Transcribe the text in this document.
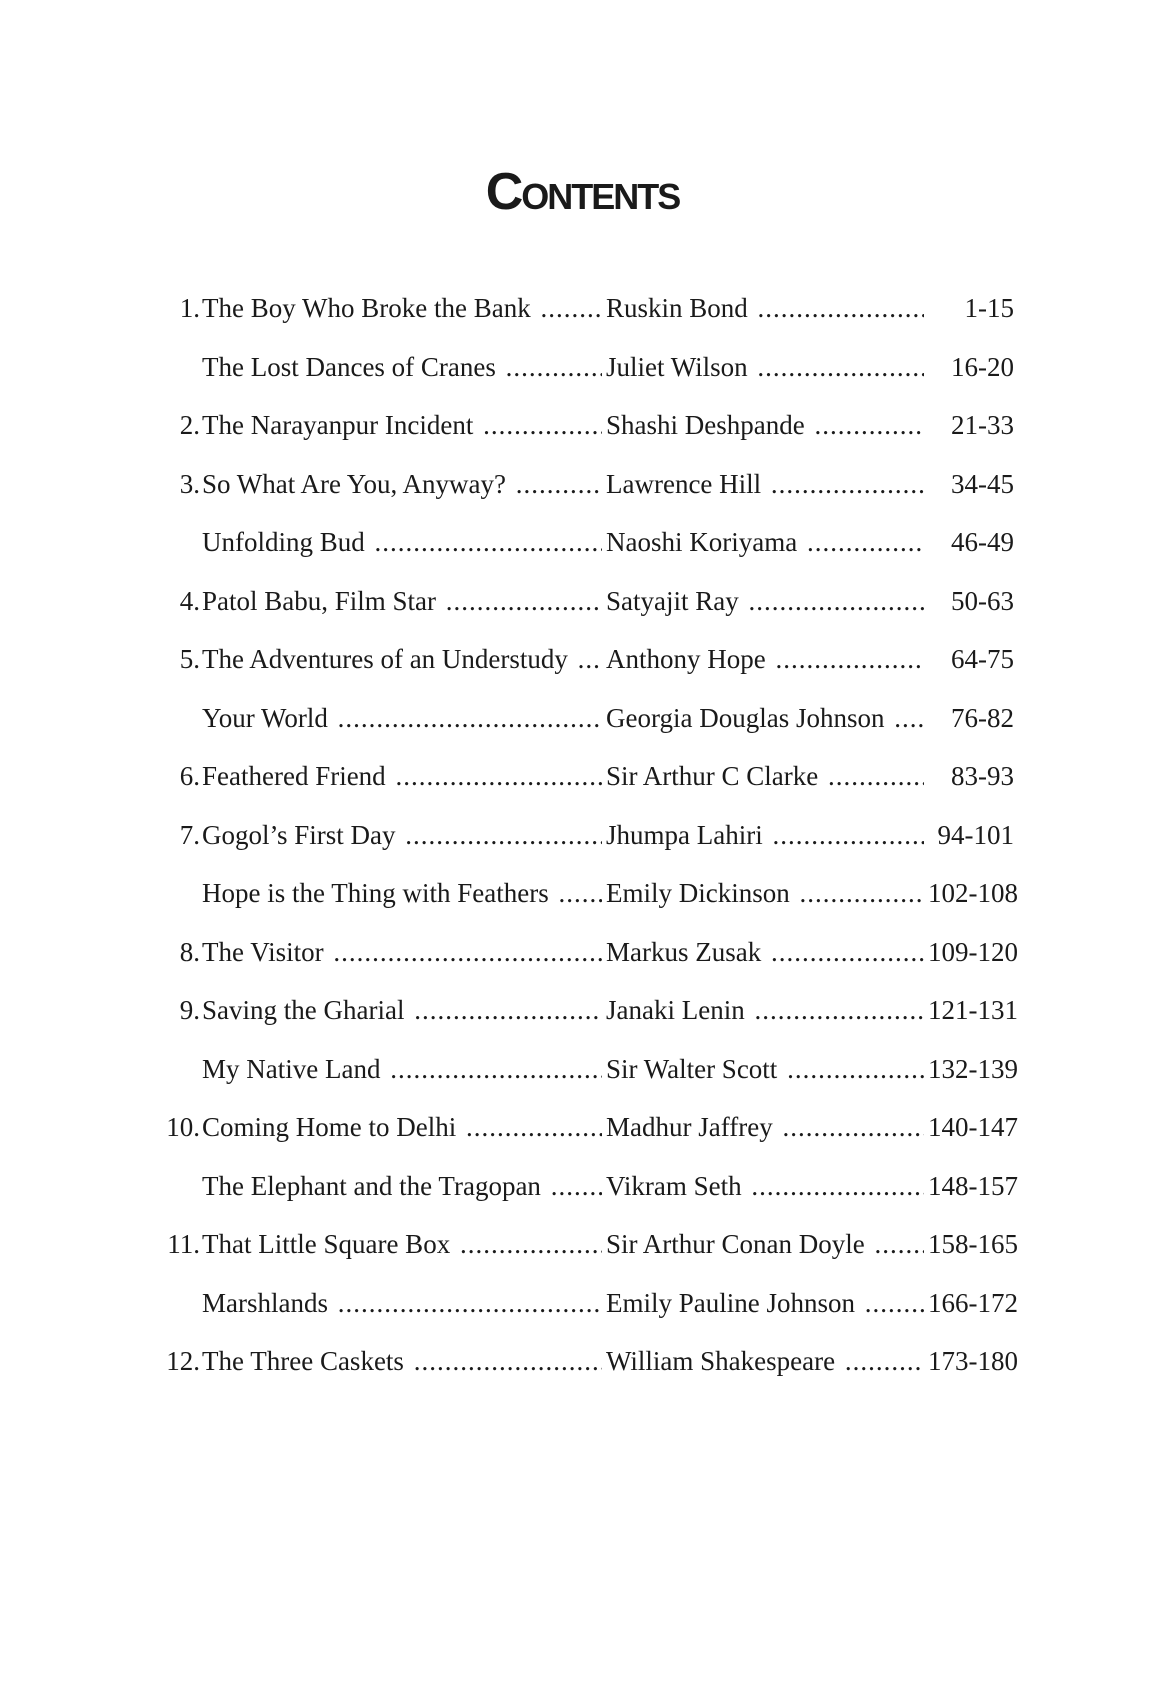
Contents
1. The Boy Who Broke the Bank .....	Ruskin Bond .....	1-15
The Lost Dances of Cranes .....	Juliet Wilson .....	16-20
2. The Narayanpur Incident .....	Shashi Deshpande .....	21-33
3. So What Are You, Anyway? .....	Lawrence Hill .....	34-45
Unfolding Bud .....	Naoshi Koriyama .....	46-49
4. Patol Babu, Film Star .....	Satyajit Ray .....	50-63
5. The Adventures of an Understudy .....	Anthony Hope .....	64-75
Your World .....	Georgia Douglas Johnson .....	76-82
6. Feathered Friend .....	Sir Arthur C Clarke .....	83-93
7. Gogol’s First Day .....	Jhumpa Lahiri .....	94-101
Hope is the Thing with Feathers .....	Emily Dickinson .....	102-108
8. The Visitor .....	Markus Zusak .....	109-120
9. Saving the Gharial .....	Janaki Lenin .....	121-131
My Native Land .....	Sir Walter Scott .....	132-139
10. Coming Home to Delhi .....	Madhur Jaffrey .....	140-147
The Elephant and the Tragopan .....	Vikram Seth .....	148-157
11. That Little Square Box .....	Sir Arthur Conan Doyle .....	158-165
Marshlands .....	Emily Pauline Johnson .....	166-172
12. The Three Caskets .....	William Shakespeare .....	173-180
